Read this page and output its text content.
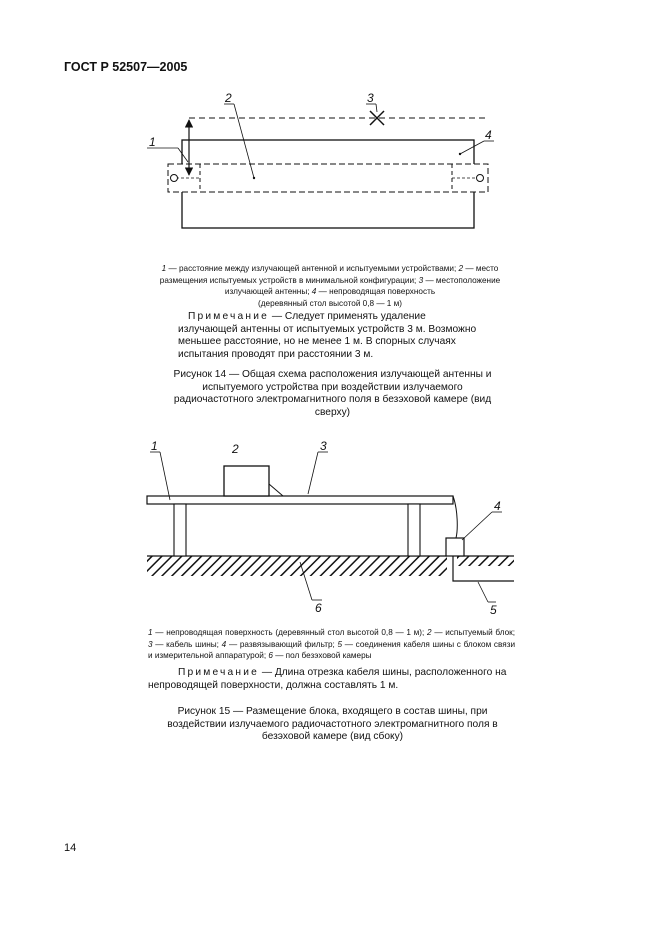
ГОСТ Р 52507—2005
1
2	3
4
1 — расстояние между излучающей антенной и испытуемыми устройствами; 2 — место размещения испытуемых устройств в минимальной конфигурации; 3 — местоположение излучающей антенны; 4 — непроводящая поверхность
(деревянный стол высотой 0,8 — 1 м)
Примечание — Следует применять удаление излучающей антенны от испытуемых устройств 3 м. Возможно меньшее расстояние, но не менее 1 м. В спорных случаях испытания проводят при расстоянии 3 м.
Рисунок 14 — Общая схема расположения излучающей антенны и испытуемого устройства при воздействии излучаемого радиочастотного электромагнитного поля в безэховой камере (вид сверху)
1	2	3
4
5
6
1 — непроводящая поверхность (деревянный стол высотой 0,8 — 1 м); 2 — испытуемый блок; 3 — кабель шины; 4 — развязывающий фильтр; 5 — соединения кабеля шины с блоком связи и измерительной аппаратурой; 6 — пол безэховой камеры
Примечание — Длина отрезка кабеля шины, расположенного на непроводящей поверхности, должна составлять 1 м.
Рисунок 15 — Размещение блока, входящего в состав шины, при воздействии излучаемого радиочастотного электромагнитного поля в безэховой камере (вид сбоку)
14
